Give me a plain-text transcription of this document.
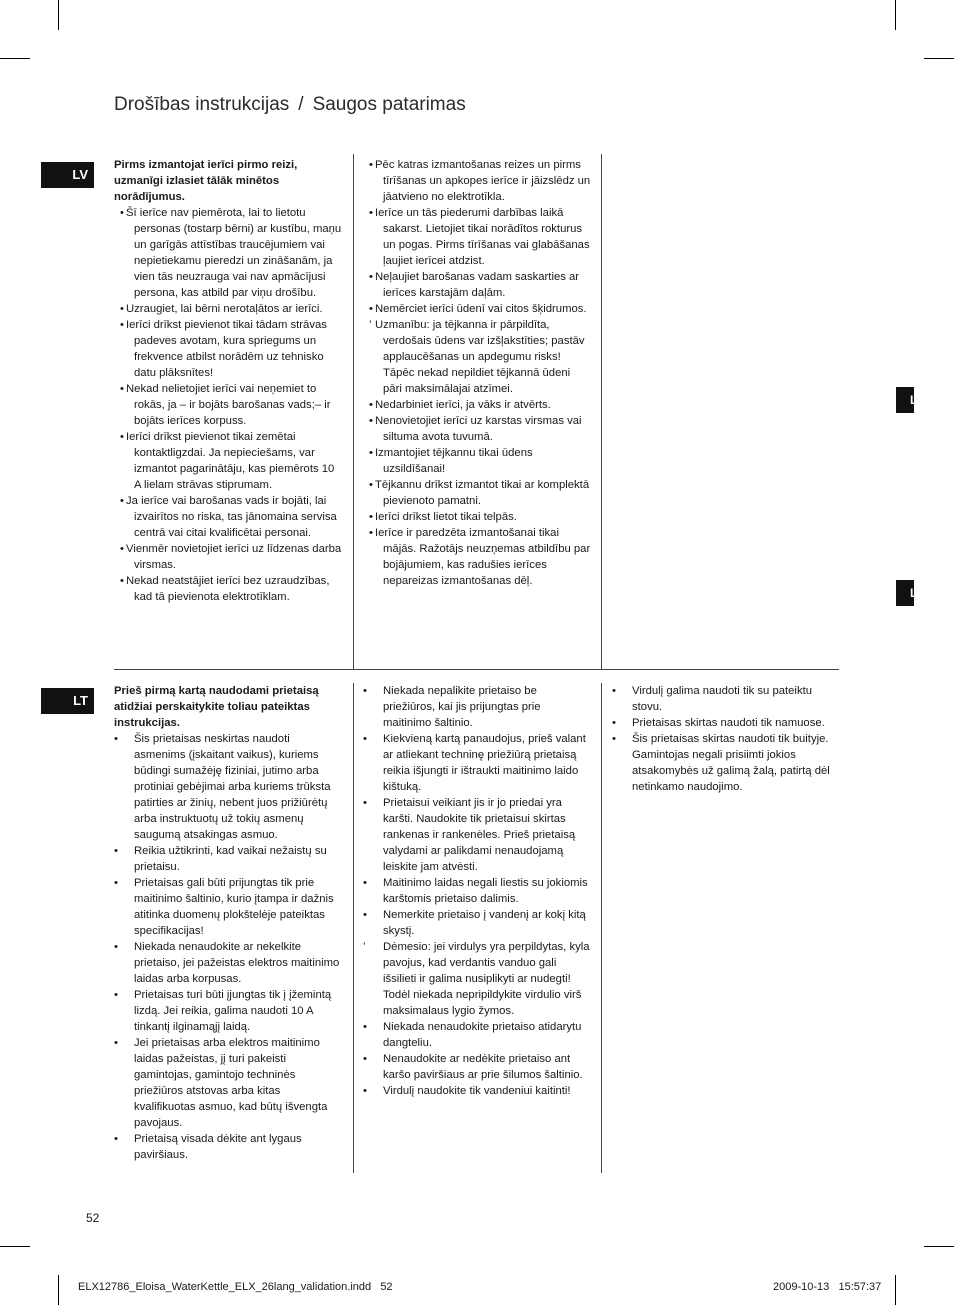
Drošības instrukcijas / Saugos patarimas
LV
LT
L
L

Pirms izmantojat ierīci pirmo reizi, uzmanīgi izlasiet tālāk minētos norādījumus.

• Šī ierīce nav piemērota, lai to lietotu personas (tostarp bērni) ar kustību, maņu un garīgās attīstības traucējumiem vai nepietiekamu pieredzi un zināšanām, ja vien tās neuzrauga vai nav apmācījusi persona, kas atbild par viņu drošību.
• Uzraugiet, lai bērni nerotaļātos ar ierīci.
• Ierīci drīkst pievienot tikai tādam strāvas padeves avotam, kura spriegums un frekvence atbilst norādēm uz tehnisko datu plāksnītes!
• Nekad nelietojiet ierīci vai neņemiet to rokās, ja – ir bojāts barošanas vads;– ir bojāts ierīces korpuss.
• Ierīci drīkst pievienot tikai zemētai kontaktligzdai. Ja nepieciešams, var izmantot pagarinātāju, kas piemērots 10 A lielam strāvas stiprumam.
• Ja ierīce vai barošanas vads ir bojāti, lai izvairītos no riska, tas jānomaina servisa centrā vai citai kvalificētai personai.
• Vienmēr novietojiet ierīci uz līdzenas darba virsmas.
• Nekad neatstājiet ierīci bez uzraudzības, kad tā pievienota elektrotīklam.
• Pēc katras izmantošanas reizes un pirms tīrīšanas un apkopes ierīce ir jāizslēdz un jāatvieno no elektrotīkla.
• Ierīce un tās piederumi darbības laikā sakarst. Lietojiet tikai norādītos rokturus un pogas. Pirms tīrīšanas vai glabāšanas ļaujiet ierīcei atdzist.
• Neļaujiet barošanas vadam saskarties ar ierīces karstajām daļām.
• Nemērciet ierīci ūdenī vai citos šķidrumos.
’ Uzmanību: ja tējkanna ir pārpildīta, verdošais ūdens var izšļakstīties; pastāv applaucēšanas un apdegumu risks! Tāpēc nekad nepildiet tējkannā ūdeni pāri maksimālajai atzīmei.
• Nedarbiniet ierīci, ja vāks ir atvērts.
• Nenovietojiet ierīci uz karstas virsmas vai siltuma avota tuvumā.
• Izmantojiet tējkannu tikai ūdens uzsildīšanai!
• Tējkannu drīkst izmantot tikai ar komplektā pievienoto pamatni.
• Ierīci drīkst lietot tikai telpās.
• Ierīce ir paredzēta izmantošanai tikai mājās. Ražotājs neuzņemas atbildību par bojājumiem, kas radušies ierīces nepareizas izmantošanas dēļ.

Prieš pirmą kartą naudodami prietaisą atidžiai perskaitykite toliau pateiktas instrukcijas.

• Šis prietaisas neskirtas naudoti asmenims (įskaitant vaikus), kuriems būdingi sumažėję fiziniai, jutimo arba protiniai gebėjimai arba kuriems trūksta patirties ar žinių, nebent juos prižiūrėtų arba instruktuotų už tokių asmenų saugumą atsakingas asmuo.
• Reikia užtikrinti, kad vaikai nežaistų su prietaisu.
• Prietaisas gali būti prijungtas tik prie maitinimo šaltinio, kurio įtampa ir dažnis atitinka duomenų plokštelėje pateiktas specifikacijas!
• Niekada nenaudokite ar nekelkite prietaiso, jei pažeistas elektros maitinimo laidas arba korpusas.
• Prietaisas turi būti įjungtas tik į įžemintą lizdą. Jei reikia, galima naudoti 10 A tinkantį ilginamąjį laidą.
• Jei prietaisas arba elektros maitinimo laidas pažeistas, jį turi pakeisti gamintojas, gamintojo techninės priežiūros atstovas arba kitas kvalifikuotas asmuo, kad būtų išvengta pavojaus.
• Prietaisą visada dėkite ant lygaus paviršiaus.
• Niekada nepalikite prietaiso be priežiūros, kai jis prijungtas prie maitinimo šaltinio.
• Kiekvieną kartą panaudojus, prieš valant ar atliekant techninę priežiūrą prietaisą reikia išjungti ir ištraukti maitinimo laido kištuką.
• Prietaisui veikiant jis ir jo priedai yra karšti. Naudokite tik prietaisui skirtas rankenas ir rankenėles. Prieš prietaisą valydami ar palikdami nenaudojamą leiskite jam atvėsti.
• Maitinimo laidas negali liestis su jokiomis karštomis prietaiso dalimis.
• Nemerkite prietaiso į vandenį ar kokį kitą skystį.
’ Dėmesio: jei virdulys yra perpildytas, kyla pavojus, kad verdantis vanduo gali išsilieti ir galima nusiplikyti ar nudegti! Todėl niekada nepripildykite virdulio virš maksimalaus lygio žymos.
• Niekada nenaudokite prietaiso atidarytu dangteliu.
• Nenaudokite ar nedėkite prietaiso ant karšo paviršiaus ar prie šilumos šaltinio.
• Virdulį naudokite tik vandeniui kaitinti!
• Virdulį galima naudoti tik su pateiktu stovu.
• Prietaisas skirtas naudoti tik namuose.
• Šis prietaisas skirtas naudoti tik buityje. Gamintojas negali prisiimti jokios atsakomybės už galimą žalą, patirtą dėl netinkamo naudojimo.
52
ELX12786_Eloisa_WaterKettle_ELX_26lang_validation.indd 52	2009-10-13 15:57:37
